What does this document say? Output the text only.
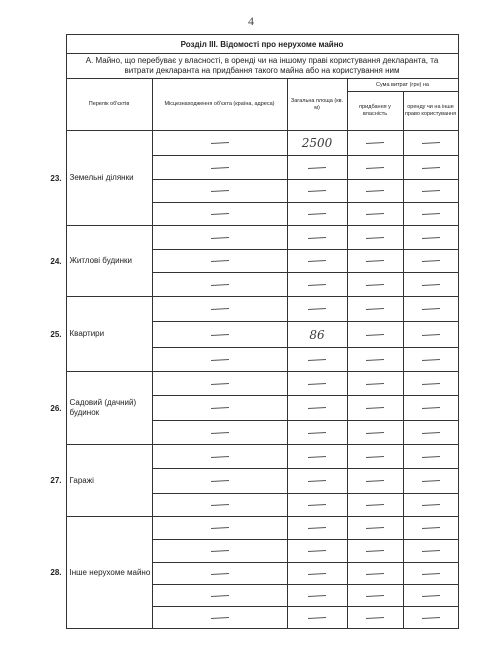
4
	Розділ ІІІ. Відомості про нерухоме майно				
	А. Майно, що перебуває у власності, в оренді чи на іншому праві користування декларанта, та витрати декларанта на придбання такого майна або на користування ним				
	Перелік об'єктів	Місцезнаходження об'єкта (країна, адреса)	Загальна площа (кв. м)	Сума витрат (грн) на	
				придбання у власність	оренду чи на інше право користування
23.	Земельні ділянки		2500	

24.	Житлові будинки	

25.	Квартири	

			86	

26.	Садовий (дачний) будинок	

27.	Гаражі	

28.	Інше нерухоме майно	
